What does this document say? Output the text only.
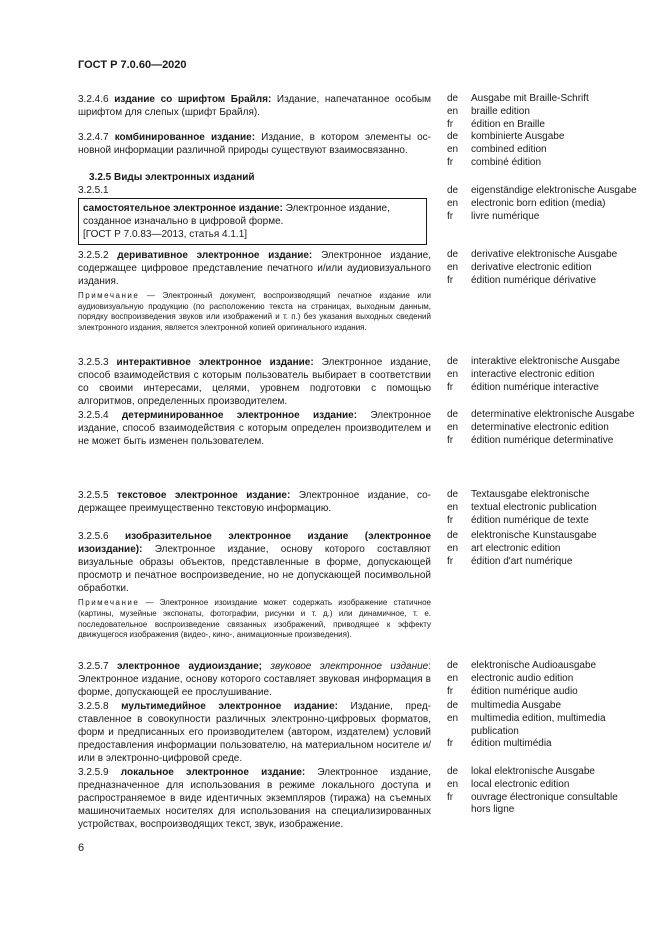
ГОСТ Р 7.0.60—2020
3.2.4.6 издание со шрифтом Брайля: Издание, напечатанное особым шрифтом для слепых (шрифт Брайля).
de	Ausgabe mit Braille-Schrift
en	braille edition
fr	édition en Braille
3.2.4.7 комбинированное издание: Издание, в котором элементы основной информации различной природы существуют взаимосвязанно.
de	kombinierte Ausgabe
en	combined edition
fr	combiné édition
3.2.5 Виды электронных изданий
3.2.5.1
самостоятельное электронное издание: Электронное издание, созданное изначально в цифровой форме.
[ГОСТ Р 7.0.83—2013, статья 4.1.1]
de	eigenständige elektronische Ausgabe
en	electronic born edition (media)
fr	livre numérique
3.2.5.2 деривативное электронное издание: Электронное издание, содержащее цифровое представление печатного и/или аудиовизуального издания.
Примечание — Электронный документ, воспроизводящий печатное издание или аудиовизуальную продукцию (по расположению текста на страницах, выходным данным, порядку воспроизведения звуков или изображений и т. п.) без указания выходных сведений электронного издания, является электронной копией оригинального издания.
de	derivative elektronische Ausgabe
en	derivative electronic edition
fr	édition numérique dérivative
3.2.5.3 интерактивное электронное издание: Электронное издание, способ взаимодействия с которым пользователь выбирает в соответствии со своими интересами, целями, уровнем подготовки с помощью алгоритмов, определенных производителем.
de	interaktive elektronische Ausgabe
en	interactive electronic edition
fr	édition numérique interactive
3.2.5.4 детерминированное электронное издание: Электронное издание, способ взаимодействия с которым определен производителем и не может быть изменен пользователем.
de	determinative elektronische Ausgabe
en	determinative electronic edition
fr	édition numérique determinative
3.2.5.5 текстовое электронное издание: Электронное издание, содержащее преимущественно текстовую информацию.
de	Textausgabe elektronische
en	textual electronic publication
fr	édition numérique de texte
3.2.5.6 изобразительное электронное издание (электронное изоиздание): Электронное издание, основу которого составляют визуальные образы объектов, представленные в форме, допускающей просмотр и печатное воспроизведение, но не допускающей посимвольной обработки.
Примечание — Электронное изоиздание может содержать изображение статичное (картины, музейные экспонаты, фотографии, рисунки и т. д.) или динамичное, т. е. последовательное воспроизведение связанных изображений, приводящее к эффекту движущегося изображения (видео-, кино-, анимационные произведения).
de	elektronische Kunstausgabe
en	art electronic edition
fr	édition d'art numérique
3.2.5.7 электронное аудиоиздание; звуковое электронное издание: Электронное издание, основу которого составляет звуковая информация в форме, допускающей ее прослушивание.
de	elektronische Audioausgabe
en	electronic audio edition
fr	édition numérique audio
3.2.5.8 мультимедийное электронное издание: Издание, представленное в совокупности различных электронно-цифровых форматов, форм и предписанных его производителем (автором, издателем) условий предоставления информации пользователю, на материальном носителе и/или в электронно-цифровой среде.
de	multimedia Ausgabe
en	multimedia edition, multimedia publication
fr	édition multimédia
3.2.5.9 локальное электронное издание: Электронное издание, предназначенное для использования в режиме локального доступа и распространяемое в виде идентичных экземпляров (тиража) на съемных машиночитаемых носителях для использования на специализированных устройствах, воспроизводящих текст, звук, изображение.
de	lokal elektronische Ausgabe
en	local electronic edition
fr	ouvrage électronique consultable hors ligne
6
